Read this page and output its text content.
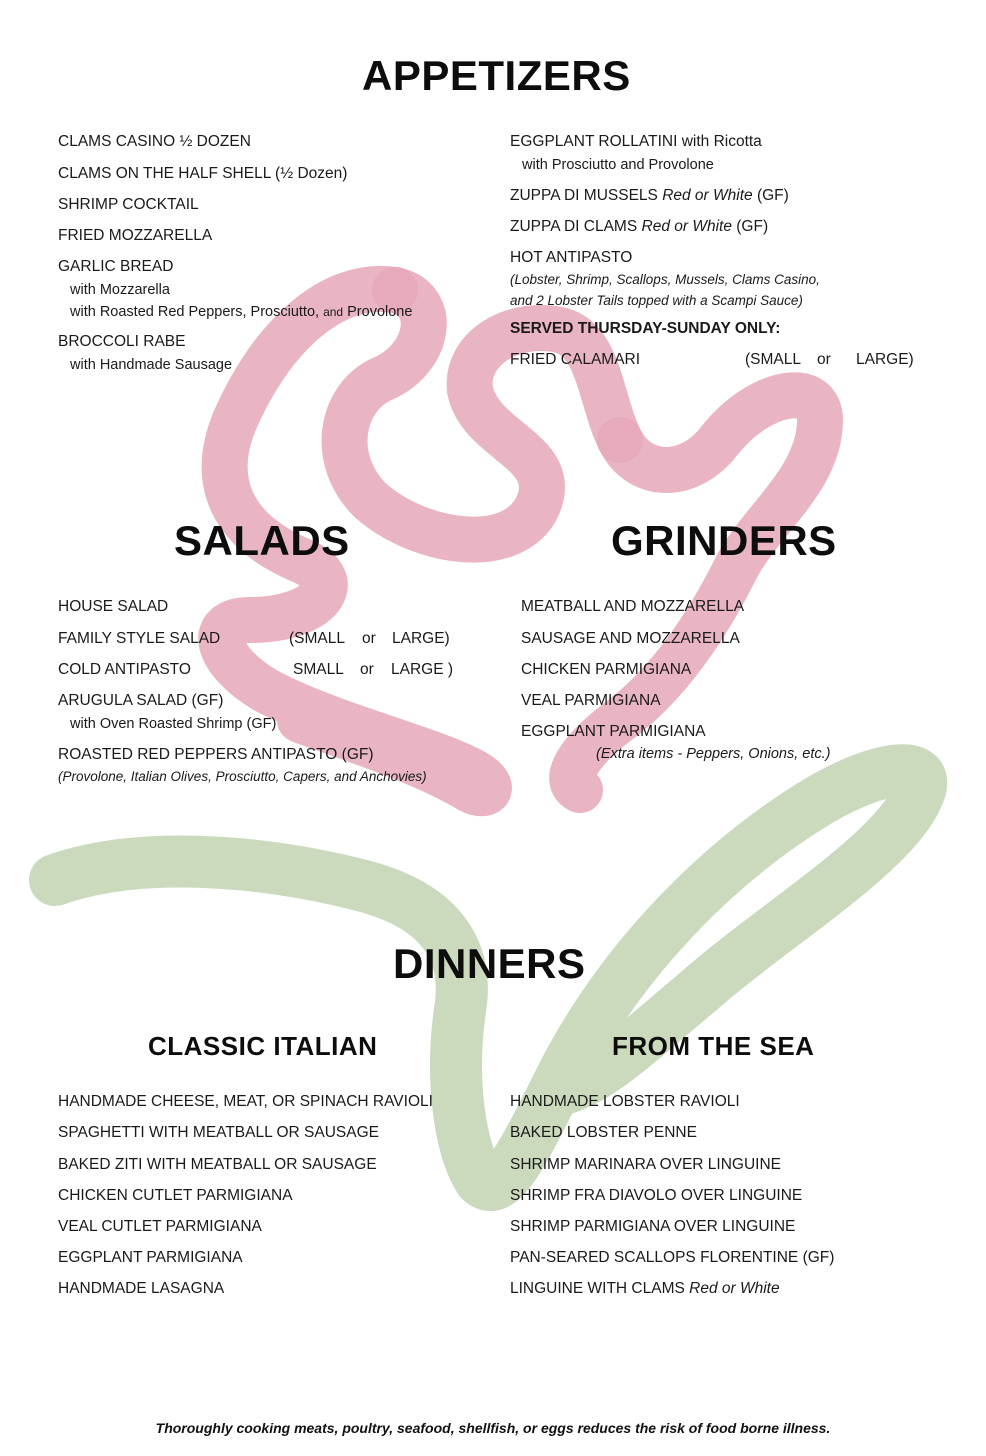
APPETIZERS
CLAMS CASINO ½ DOZEN
CLAMS ON THE HALF SHELL (½ Dozen)
SHRIMP COCKTAIL
FRIED MOZZARELLA
GARLIC BREAD
with Mozzarella
with Roasted Red Peppers, Prosciutto, and Provolone
BROCCOLI RABE
with Handmade Sausage
EGGPLANT ROLLATINI with Ricotta
with Prosciutto and Provolone
ZUPPA DI MUSSELS Red or White (GF)
ZUPPA DI CLAMS Red or White (GF)
HOT ANTIPASTO
(Lobster, Shrimp, Scallops, Mussels, Clams Casino,
and 2 Lobster Tails topped with a Scampi Sauce)
SERVED THURSDAY-SUNDAY ONLY:
FRIED CALAMARI	(SMALL or LARGE)
SALADS
HOUSE SALAD
FAMILY STYLE SALAD	(SMALL or LARGE)
COLD ANTIPASTO	SMALL or LARGE )
ARUGULA SALAD (GF)
with Oven Roasted Shrimp (GF)
ROASTED RED PEPPERS ANTIPASTO (GF)
(Provolone, Italian Olives, Prosciutto, Capers, and Anchovies)
GRINDERS
MEATBALL AND MOZZARELLA
SAUSAGE AND MOZZARELLA
CHICKEN PARMIGIANA
VEAL PARMIGIANA
EGGPLANT PARMIGIANA
(Extra items - Peppers, Onions, etc.)
DINNERS
CLASSIC ITALIAN	FROM THE SEA
HANDMADE CHEESE, MEAT, OR SPINACH RAVIOLI
SPAGHETTI WITH MEATBALL OR SAUSAGE
BAKED ZITI WITH MEATBALL OR SAUSAGE
CHICKEN CUTLET PARMIGIANA
VEAL CUTLET PARMIGIANA
EGGPLANT PARMIGIANA
HANDMADE LASAGNA
HANDMADE LOBSTER RAVIOLI
BAKED LOBSTER PENNE
SHRIMP MARINARA OVER LINGUINE
SHRIMP FRA DIAVOLO OVER LINGUINE
SHRIMP PARMIGIANA OVER LINGUINE
PAN-SEARED SCALLOPS FLORENTINE (GF)
LINGUINE WITH CLAMS Red or White
Thoroughly cooking meats, poultry, seafood, shellfish, or eggs reduces the risk of food borne illness.
